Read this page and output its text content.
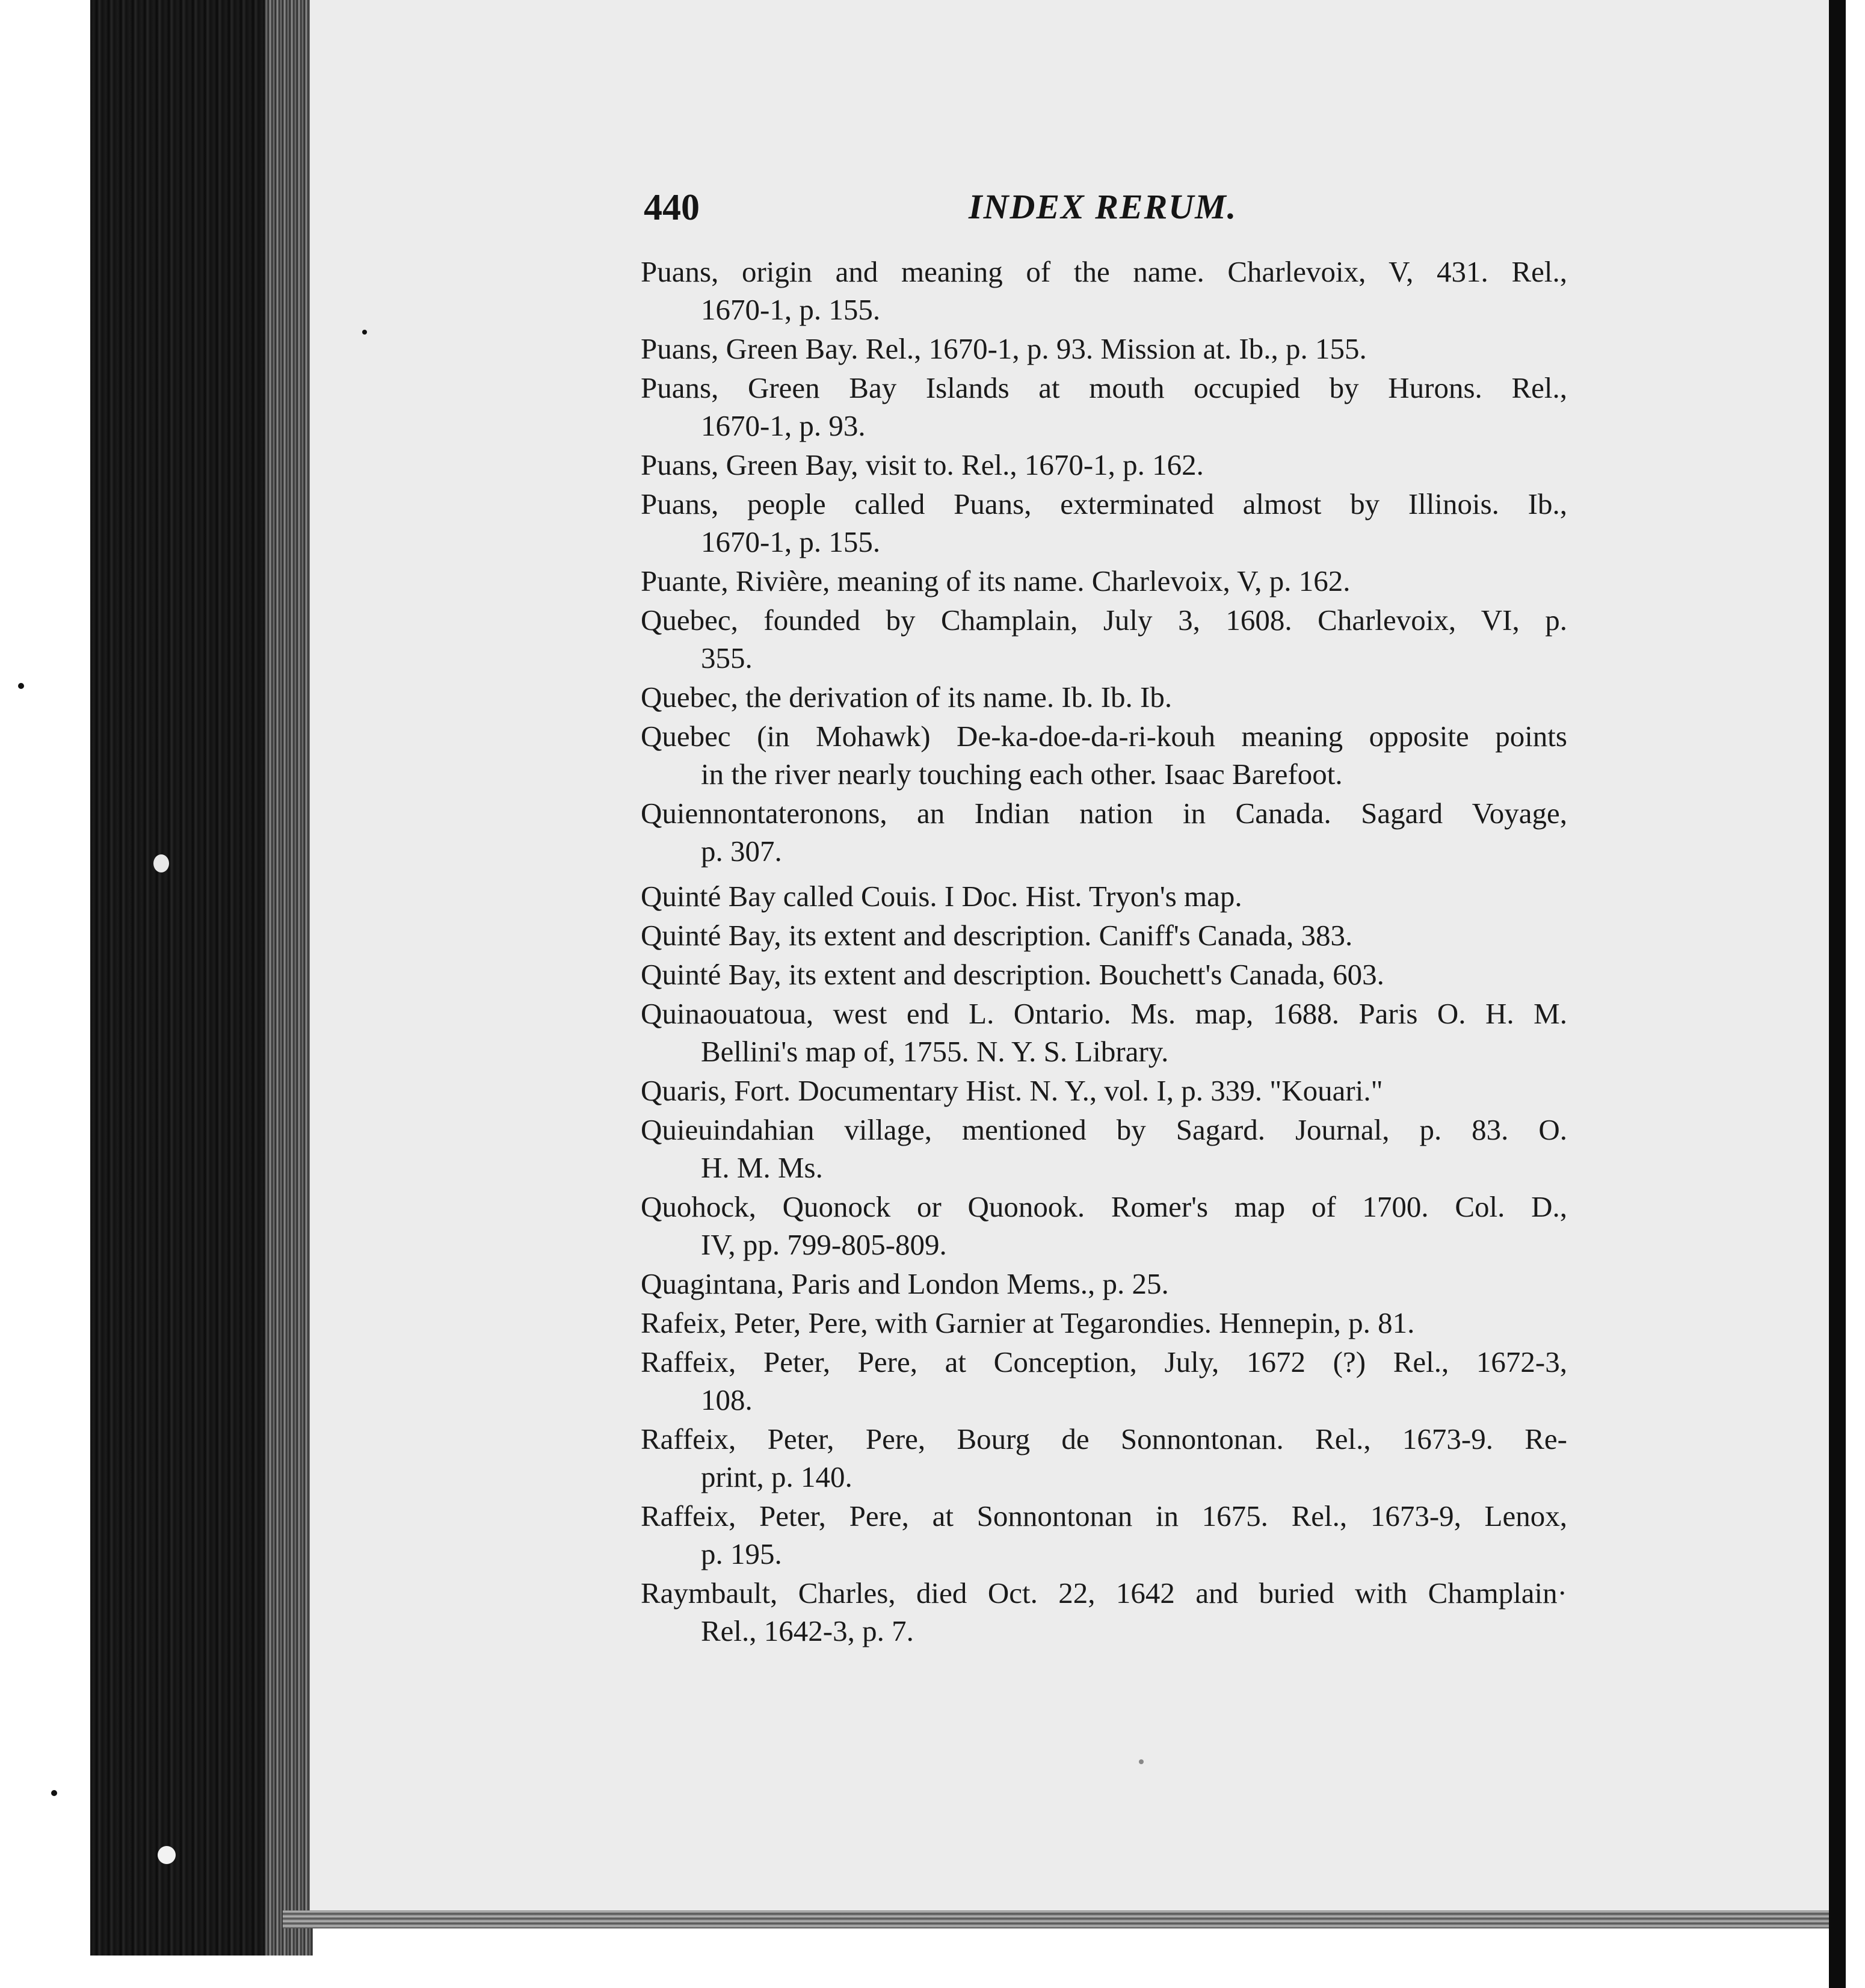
440	INDEX RERUM.
Puans, origin and meaning of the name. Charlevoix, V, 431. Rel.,
1670-1, p. 155.
Puans, Green Bay. Rel., 1670-1, p. 93. Mission at. Ib., p. 155.
Puans, Green Bay Islands at mouth occupied by Hurons. Rel.,
1670-1, p. 93.
Puans, Green Bay, visit to. Rel., 1670-1, p. 162.
Puans, people called Puans, exterminated almost by Illinois. Ib.,
1670-1, p. 155.
Puante, Rivière, meaning of its name. Charlevoix, V, p. 162.
Quebec, founded by Champlain, July 3, 1608. Charlevoix, VI, p.
355.
Quebec, the derivation of its name. Ib. Ib. Ib.
Quebec (in Mohawk) De-ka-doe-da-ri-kouh meaning opposite points
in the river nearly touching each other. Isaac Barefoot.
Quiennontateronons, an Indian nation in Canada. Sagard Voyage,
p. 307.
Quinté Bay called Couis. I Doc. Hist. Tryon's map.
Quinté Bay, its extent and description. Caniff's Canada, 383.
Quinté Bay, its extent and description. Bouchett's Canada, 603.
Quinaouatoua, west end L. Ontario. Ms. map, 1688. Paris O. H. M.
Bellini's map of, 1755. N. Y. S. Library.
Quaris, Fort. Documentary Hist. N. Y., vol. I, p. 339. "Kouari."
Quieuindahian village, mentioned by Sagard. Journal, p. 83. O.
H. M. Ms.
Quohock, Quonock or Quonook. Romer's map of 1700. Col. D.,
IV, pp. 799-805-809.
Quagintana, Paris and London Mems., p. 25.
Rafeix, Peter, Pere, with Garnier at Tegarondies. Hennepin, p. 81.
Raffeix, Peter, Pere, at Conception, July, 1672 (?) Rel., 1672-3,
108.
Raffeix, Peter, Pere, Bourg de Sonnontonan. Rel., 1673-9. Re-
print, p. 140.
Raffeix, Peter, Pere, at Sonnontonan in 1675. Rel., 1673-9, Lenox,
p. 195.
Raymbault, Charles, died Oct. 22, 1642 and buried with Champlain·
Rel., 1642-3, p. 7.
